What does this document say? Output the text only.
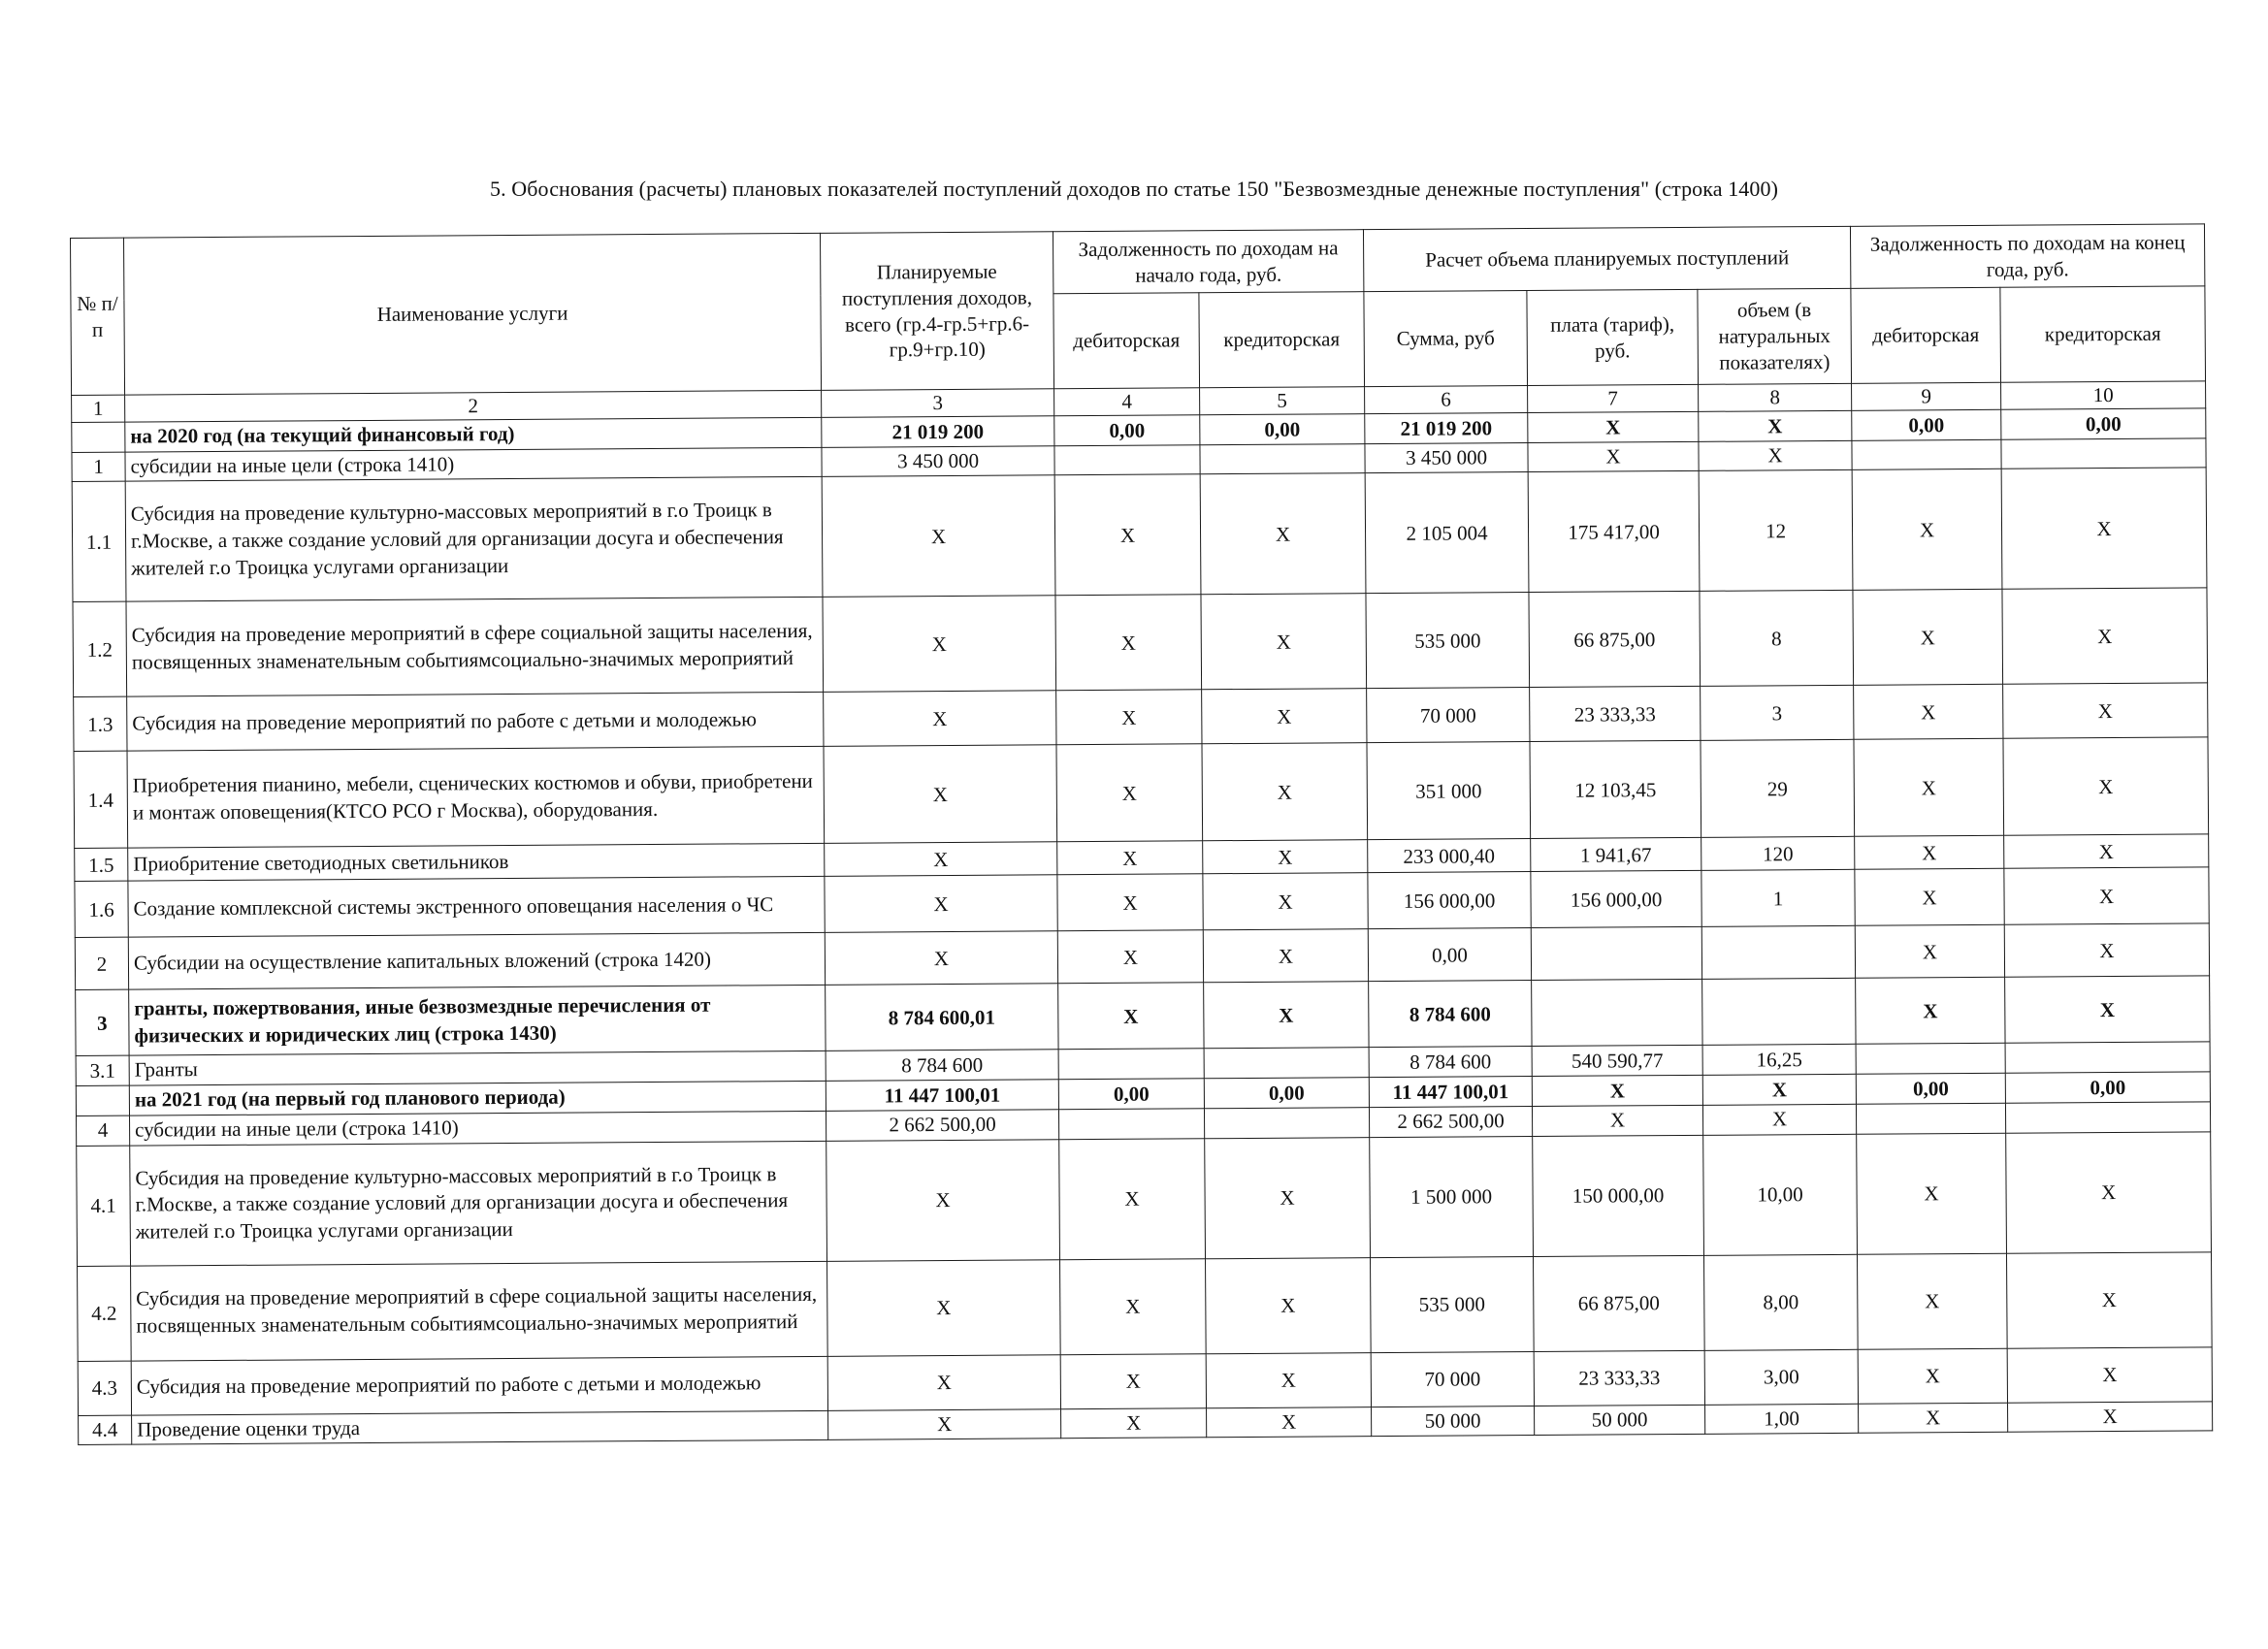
5. Обоснования (расчеты) плановых показателей поступлений доходов по статье 150 "Безвозмездные денежные поступления" (строка 1400)
№ п/п	Наименование услуги	Планируемые поступления доходов, всего (гр.4-гр.5+гр.6-гр.9+гр.10)	Задолженность по доходам на начало года, руб.		Расчет объема планируемых поступлений			Задолженность по доходам на конец года, руб.	
			дебиторская	кредиторская	Сумма, руб	плата (тариф), руб.	объем (в натуральных показателях)	дебиторская	кредиторская
1	2	3	4	5	6	7	8	9	10
	на 2020 год (на текущий финансовый год)	21 019 200	0,00	0,00	21 019 200	Х	Х	0,00	0,00
1	субсидии на иные цели (строка 1410)	3 450 000			3 450 000	Х	Х		
1.1	Субсидия на проведение культурно-массовых мероприятий в г.о Троицк в г.Москве, а также создание условий для организации досуга и обеспечения жителей г.о Троицка услугами организации	Х	Х	Х	2 105 004	175 417,00	12	Х	Х
1.2	Субсидия на проведение мероприятий в сфере социальной защиты населения, посвященных знаменательным событиямсоциально-значимых мероприятий	Х	Х	Х	535 000	66 875,00	8	Х	Х
1.3	Субсидия на проведение мероприятий по работе с детьми и молодежью	Х	Х	Х	70 000	23 333,33	3	Х	Х
1.4	Приобретения пианино, мебели, сценических костюмов и обуви, приобретени и монтаж оповещения(КТСО РСО г Москва), оборудования.	Х	Х	Х	351 000	12 103,45	29	Х	Х
1.5	Приобритение светодиодных светильников	Х	Х	Х	233 000,40	1 941,67	120	Х	Х
1.6	Создание комплексной системы экстренного оповещания населения о ЧС	Х	Х	Х	156 000,00	156 000,00	1	Х	Х
2	Субсидии на осуществление капитальных вложений (строка 1420)	Х	Х	Х	0,00			Х	Х
3	гранты, пожертвования, иные безвозмездные перечисления от физических и юридических лиц (строка 1430)	8 784 600,01	Х	Х	8 784 600			Х	Х
3.1	Гранты	8 784 600			8 784 600	540 590,77	16,25		
	на 2021 год (на первый год планового периода)	11 447 100,01	0,00	0,00	11 447 100,01	Х	Х	0,00	0,00
4	субсидии на иные цели (строка 1410)	2 662 500,00			2 662 500,00	Х	Х		
4.1	Субсидия на проведение культурно-массовых мероприятий в г.о Троицк в г.Москве, а также создание условий для организации досуга и обеспечения жителей г.о Троицка услугами организации	Х	Х	Х	1 500 000	150 000,00	10,00	Х	Х
4.2	Субсидия на проведение мероприятий в сфере социальной защиты населения, посвященных знаменательным событиямсоциально-значимых мероприятий	Х	Х	Х	535 000	66 875,00	8,00	Х	Х
4.3	Субсидия на проведение мероприятий по работе с детьми и молодежью	Х	Х	Х	70 000	23 333,33	3,00	Х	Х
4.4	Проведение оценки труда	Х	Х	Х	50 000	50 000	1,00	Х	Х
